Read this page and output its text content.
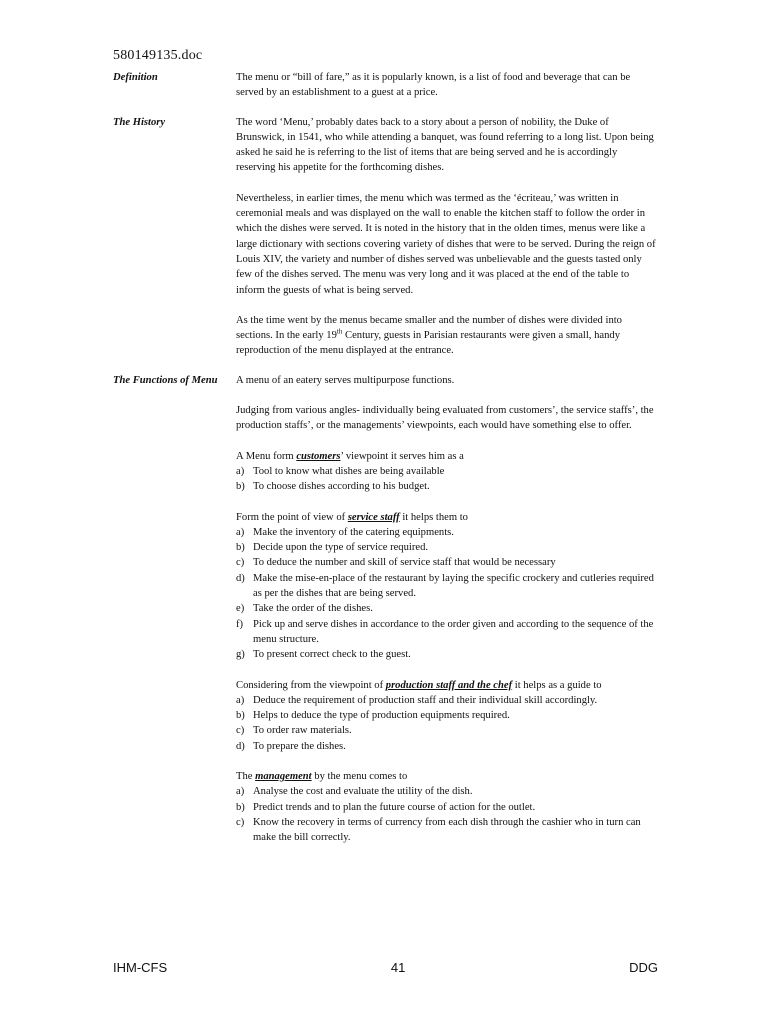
580149135.doc
Definition	The menu or “bill of fare,” as it is popularly known, is a list of food and beverage that can be served by an establishment to a guest at a price.

The History	The word ‘Menu,’ probably dates back to a story about a person of nobility, the Duke of Brunswick, in 1541, who while attending a banquet, was found referring to a long list. Upon being asked he said he is referring to the list of items that are being served and he is accordingly reserving his appetite for the forthcoming dishes.

Nevertheless, in earlier times, the menu which was termed as the ‘écriteau,’ was written in ceremonial meals and was displayed on the wall to enable the kitchen staff to follow the order in which the dishes were served. It is noted in the history that in the olden times, menus were like a large dictionary with sections covering variety of dishes that were to be served. During the reign of Louis XIV, the variety and number of dishes served was unbelievable and the guests tasted only few of the dishes served. The menu was very long and it was placed at the end of the table to inform the guests of what is being served.

As the time went by the menus became smaller and the number of dishes were divided into sections. In the early 19th Century, guests in Parisian restaurants were given a small, handy reproduction of the menu displayed at the entrance.

The Functions of Menu	A menu of an eatery serves multipurpose functions.

Judging from various angles- individually being evaluated from customers’, the service staffs’, the production staffs’, or the managements’ viewpoints, each would have something else to offer.

A Menu form customers’ viewpoint it serves him as a

a) Tool to know what dishes are being available
b) To choose dishes according to his budget.

Form the point of view of service staff it helps them to

a) Make the inventory of the catering equipments.
b) Decide upon the type of service required.
c) To deduce the number and skill of service staff that would be necessary
d) Make the mise-en-place of the restaurant by laying the specific crockery and cutleries required as per the dishes that are being served.
e) Take the order of the dishes.
f) Pick up and serve dishes in accordance to the order given and according to the sequence of the menu structure.
g) To present correct check to the guest.

Considering from the viewpoint of production staff and the chef it helps as a guide to

a) Deduce the requirement of production staff and their individual skill accordingly.
b) Helps to deduce the type of production equipments required.
c) To order raw materials.
d) To prepare the dishes.

The management by the menu comes to

a) Analyse the cost and evaluate the utility of the dish.
b) Predict trends and to plan the future course of action for the outlet.
c) Know the recovery in terms of currency from each dish through the cashier who in turn can make the bill correctly.
IHM-CFS	41	DDG
